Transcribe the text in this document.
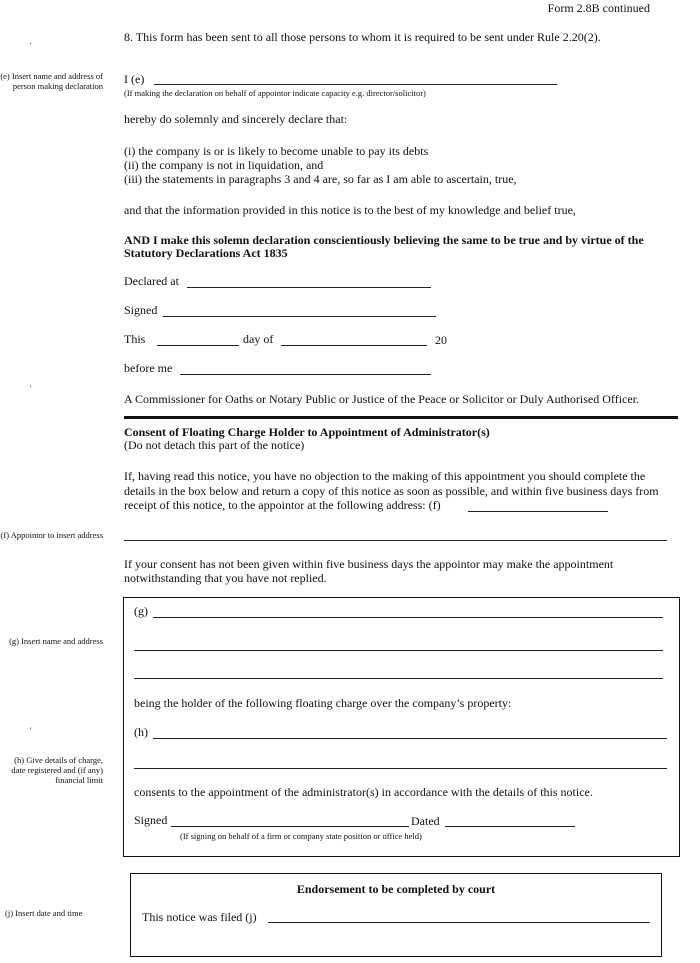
Form 2.8B continued
'
'
'
8. This form has been sent to all those persons to whom it is required to be sent under Rule 2.20(2).
(e) Insert name and address of person making declaration I (e)
(If making the declaration on behalf of appointor indicate capacity e.g. director/solicitor)
hereby do solemnly and sincerely declare that:
(i) the company is or is likely to become unable to pay its debts
(ii) the company is not in liquidation, and
(iii) the statements in paragraphs 3 and 4 are, so far as I am able to ascertain, true,
and that the information provided in this notice is to the best of my knowledge and belief true,
AND I make this solemn declaration conscientiously believing the same to be true and by virtue of the
Statutory Declarations Act 1835
Declared at
Signed
This	day of	20
before me
A Commissioner for Oaths or Notary Public or Justice of the Peace or Solicitor or Duly Authorised Officer.
Consent of Floating Charge Holder to Appointment of Administrator(s)
(Do not detach this part of the notice)
If, having read this notice, you have no objection to the making of this appointment you should complete the
details in the box below and return a copy of this notice as soon as possible, and within five business days from
receipt of this notice, to the appointor at the following address: (f)
(f) Appointor to insert address
If your consent has not been given within five business days the appointor may make the appointment
notwithstanding that you have not replied.
(g)
(g) Insert name and address
being the holder of the following floating charge over the company’s property:
(h)
(h) Give details of charge, date registered and (if any) financial limit
consents to the appointment of the administrator(s) in accordance with the details of this notice.
Signed	Dated
(If signing on behalf of a firm or company state position or office held)
Endorsement to be completed by court
This notice was filed (j)
(j) Insert date and time
